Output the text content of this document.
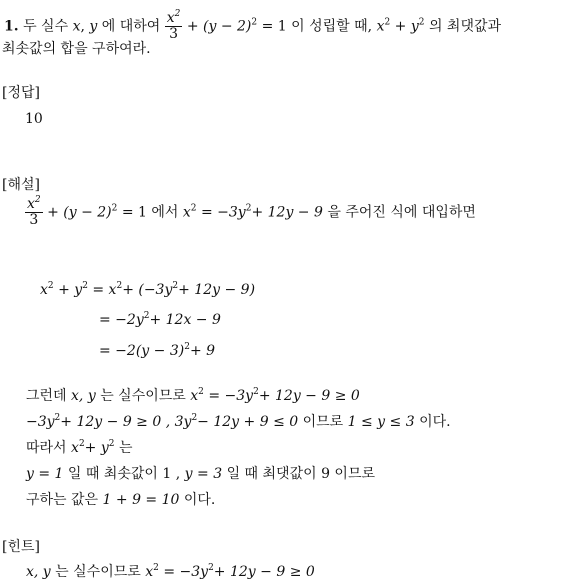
1. 두 실수 x, y 에 대하여 $\frac{x^2}{3} + (y - 2)^2 = 1$ 이 성립할 때, $x^2 + y^2$ 의 최댓값과
최솟값의 합을 구하여라.
[정답]
10
[해설]
$\frac{x^2}{3} + (y - 2)^2 = 1$ 에서 $x^2 = -3y^2+ 12y - 9$ 을 주어진 식에 대입하면
$x^2 + y^2 = x^2+ (-3y^2+ 12y - 9)$
= $-2y^2+ 12x - 9$
= $-2(y - 3)^2+ 9$
그런데 x, y 는 실수이므로 $x^2 = -3y^2+ 12y - 9 \ge 0$
$-3y^2+ 12y - 9 \ge 0$ , $3y^2- 12y + 9 \le 0$ 이므로 1 ≤ y ≤ 3 이다.
따라서 $x^2+ y^2$ 는
y = 1 일 때 최솟값이 1 , y = 3 일 때 최댓값이 9 이므로
구하는 값은 1 + 9 = 10 이다.
[힌트]
x, y 는 실수이므로 $x^2 = -3y^2+ 12y - 9 \ge 0$
